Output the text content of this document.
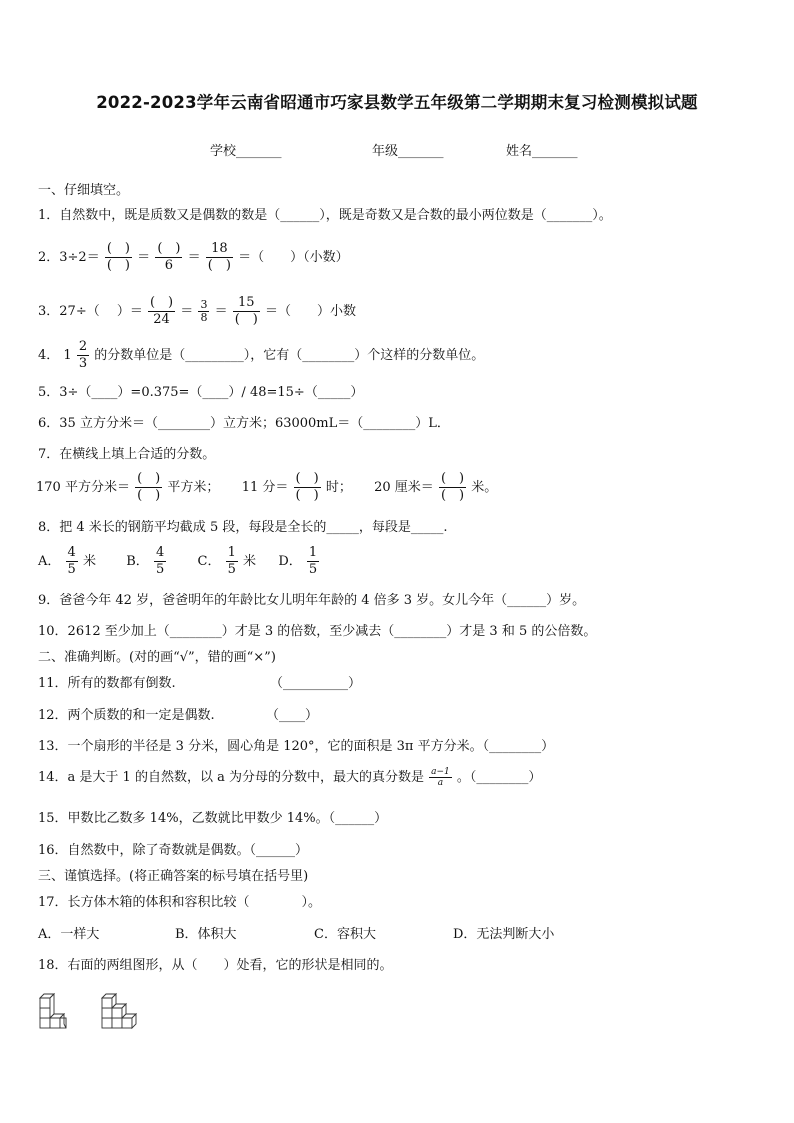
2022-2023学年云南省昭通市巧家县数学五年级第二学期期末复习检测模拟试题
学校_______	年级_______	姓名_______
一、仔细填空。
1．自然数中，既是质数又是偶数的数是（______），既是奇数又是合数的最小两位数是（_______）。
2．$3\div 2= \frac{( )}{( )} = \frac{( )}{6} = \frac{18}{( )}$ ＝（　　）（小数）
3．27÷（　 ）＝ $\frac{( )}{24} = \frac{3}{8} = \frac{15}{( )}$ ＝（　　）小数
4． $1 \frac{2}{3}$ 的分数单位是（_________），它有（________）个这样的分数单位。
5．3÷（____）=0.375=（____）/ 48=15÷（_____）
6．35 立方分米＝（________）立方米；63000mL＝（________）L．
7．在横线上填上合适的分数。
170 平方分米＝ $\frac{( )}{( )}$ 平方米； 11 分＝ $\frac{( )}{( )}$ 时； 20 厘米＝ $\frac{( )}{( )}$ 米。
8．把 4 米长的钢筋平均截成 5 段，每段是全长的_____，每段是_____.
A． $\frac{4}{5}$ 米 B． $\frac{4}{5}$ C． $\frac{1}{5}$ 米 D． $\frac{1}{5}$
9．爸爸今年 42 岁，爸爸明年的年龄比女儿明年年龄的 4 倍多 3 岁。女儿今年（______）岁。
10．2612 至少加上（________）才是 3 的倍数，至少减去（________）才是 3 和 5 的公倍数。
二、准确判断。(对的画“√”，错的画“×”)
11．所有的数都有倒数.	（__________）
12．两个质数的和一定是偶数.	（____）
13．一个扇形的半径是 3 分米，圆心角是 120°，它的面积是 3π 平方分米。（________）
14．a 是大于 1 的自然数，以 a 为分母的分数中，最大的真分数是 $\frac{a-1}{a}$ 。（________）
15．甲数比乙数多 14%，乙数就比甲数少 14%。（______）
16．自然数中，除了奇数就是偶数。（______）
三、谨慎选择。(将正确答案的标号填在括号里)
17．长方体木箱的体积和容积比较（　　　　）。
A．一样大	B．体积大	C．容积大	D．无法判断大小
18．右面的两组图形，从（　　）处看，它的形状是相同的。
